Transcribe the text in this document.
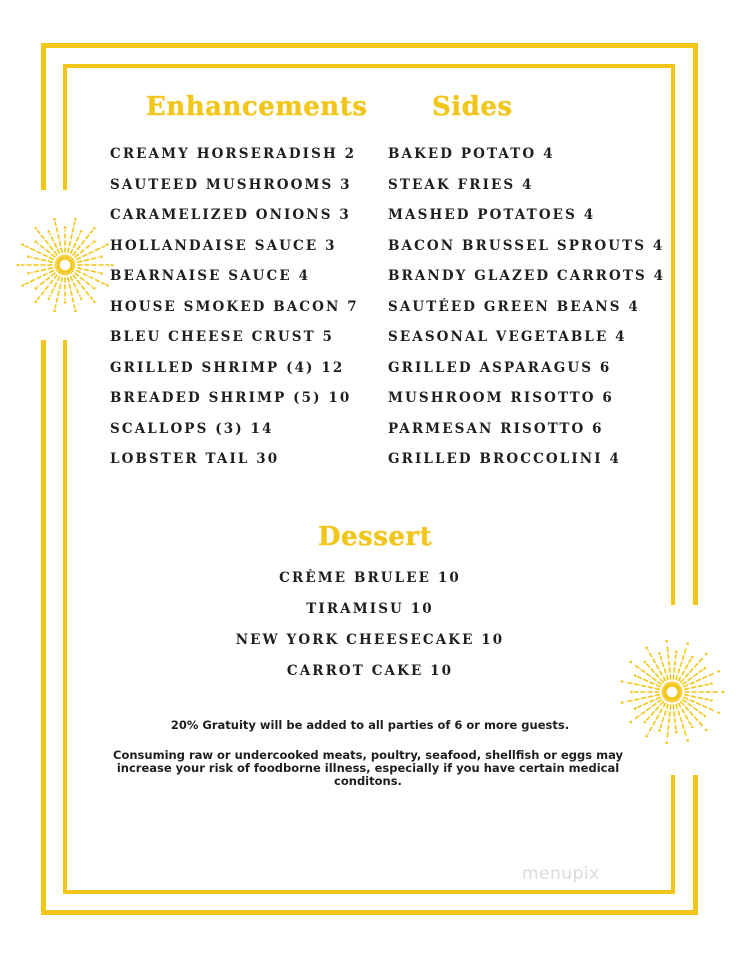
Enhancements Sides
CREAMY HORSERADISH 2
SAUTEED MUSHROOMS 3
CARAMELIZED ONIONS 3
HOLLANDAISE SAUCE 3
BEARNAISE SAUCE 4
HOUSE SMOKED BACON 7
BLEU CHEESE CRUST 5
GRILLED SHRIMP (4) 12
BREADED SHRIMP (5) 10
SCALLOPS (3) 14
LOBSTER TAIL 30
BAKED POTATO 4
STEAK FRIES 4
MASHED POTATOES 4
BACON BRUSSEL SPROUTS 4
BRANDY GLAZED CARROTS 4
SAUTÉED GREEN BEANS 4
SEASONAL VEGETABLE 4
GRILLED ASPARAGUS 6
MUSHROOM RISOTTO 6
PARMESAN RISOTTO 6
GRILLED BROCCOLINI 4
Dessert
CRÈME BRULEE 10
TIRAMISU 10
NEW YORK CHEESECAKE 10
CARROT CAKE 10
20% Gratuity will be added to all parties of 6 or more guests.
Consuming raw or undercooked meats, poultry, seafood, shellfish or eggs may increase your risk of foodborne illness, especially if you have certain medical conditons.
menupix
